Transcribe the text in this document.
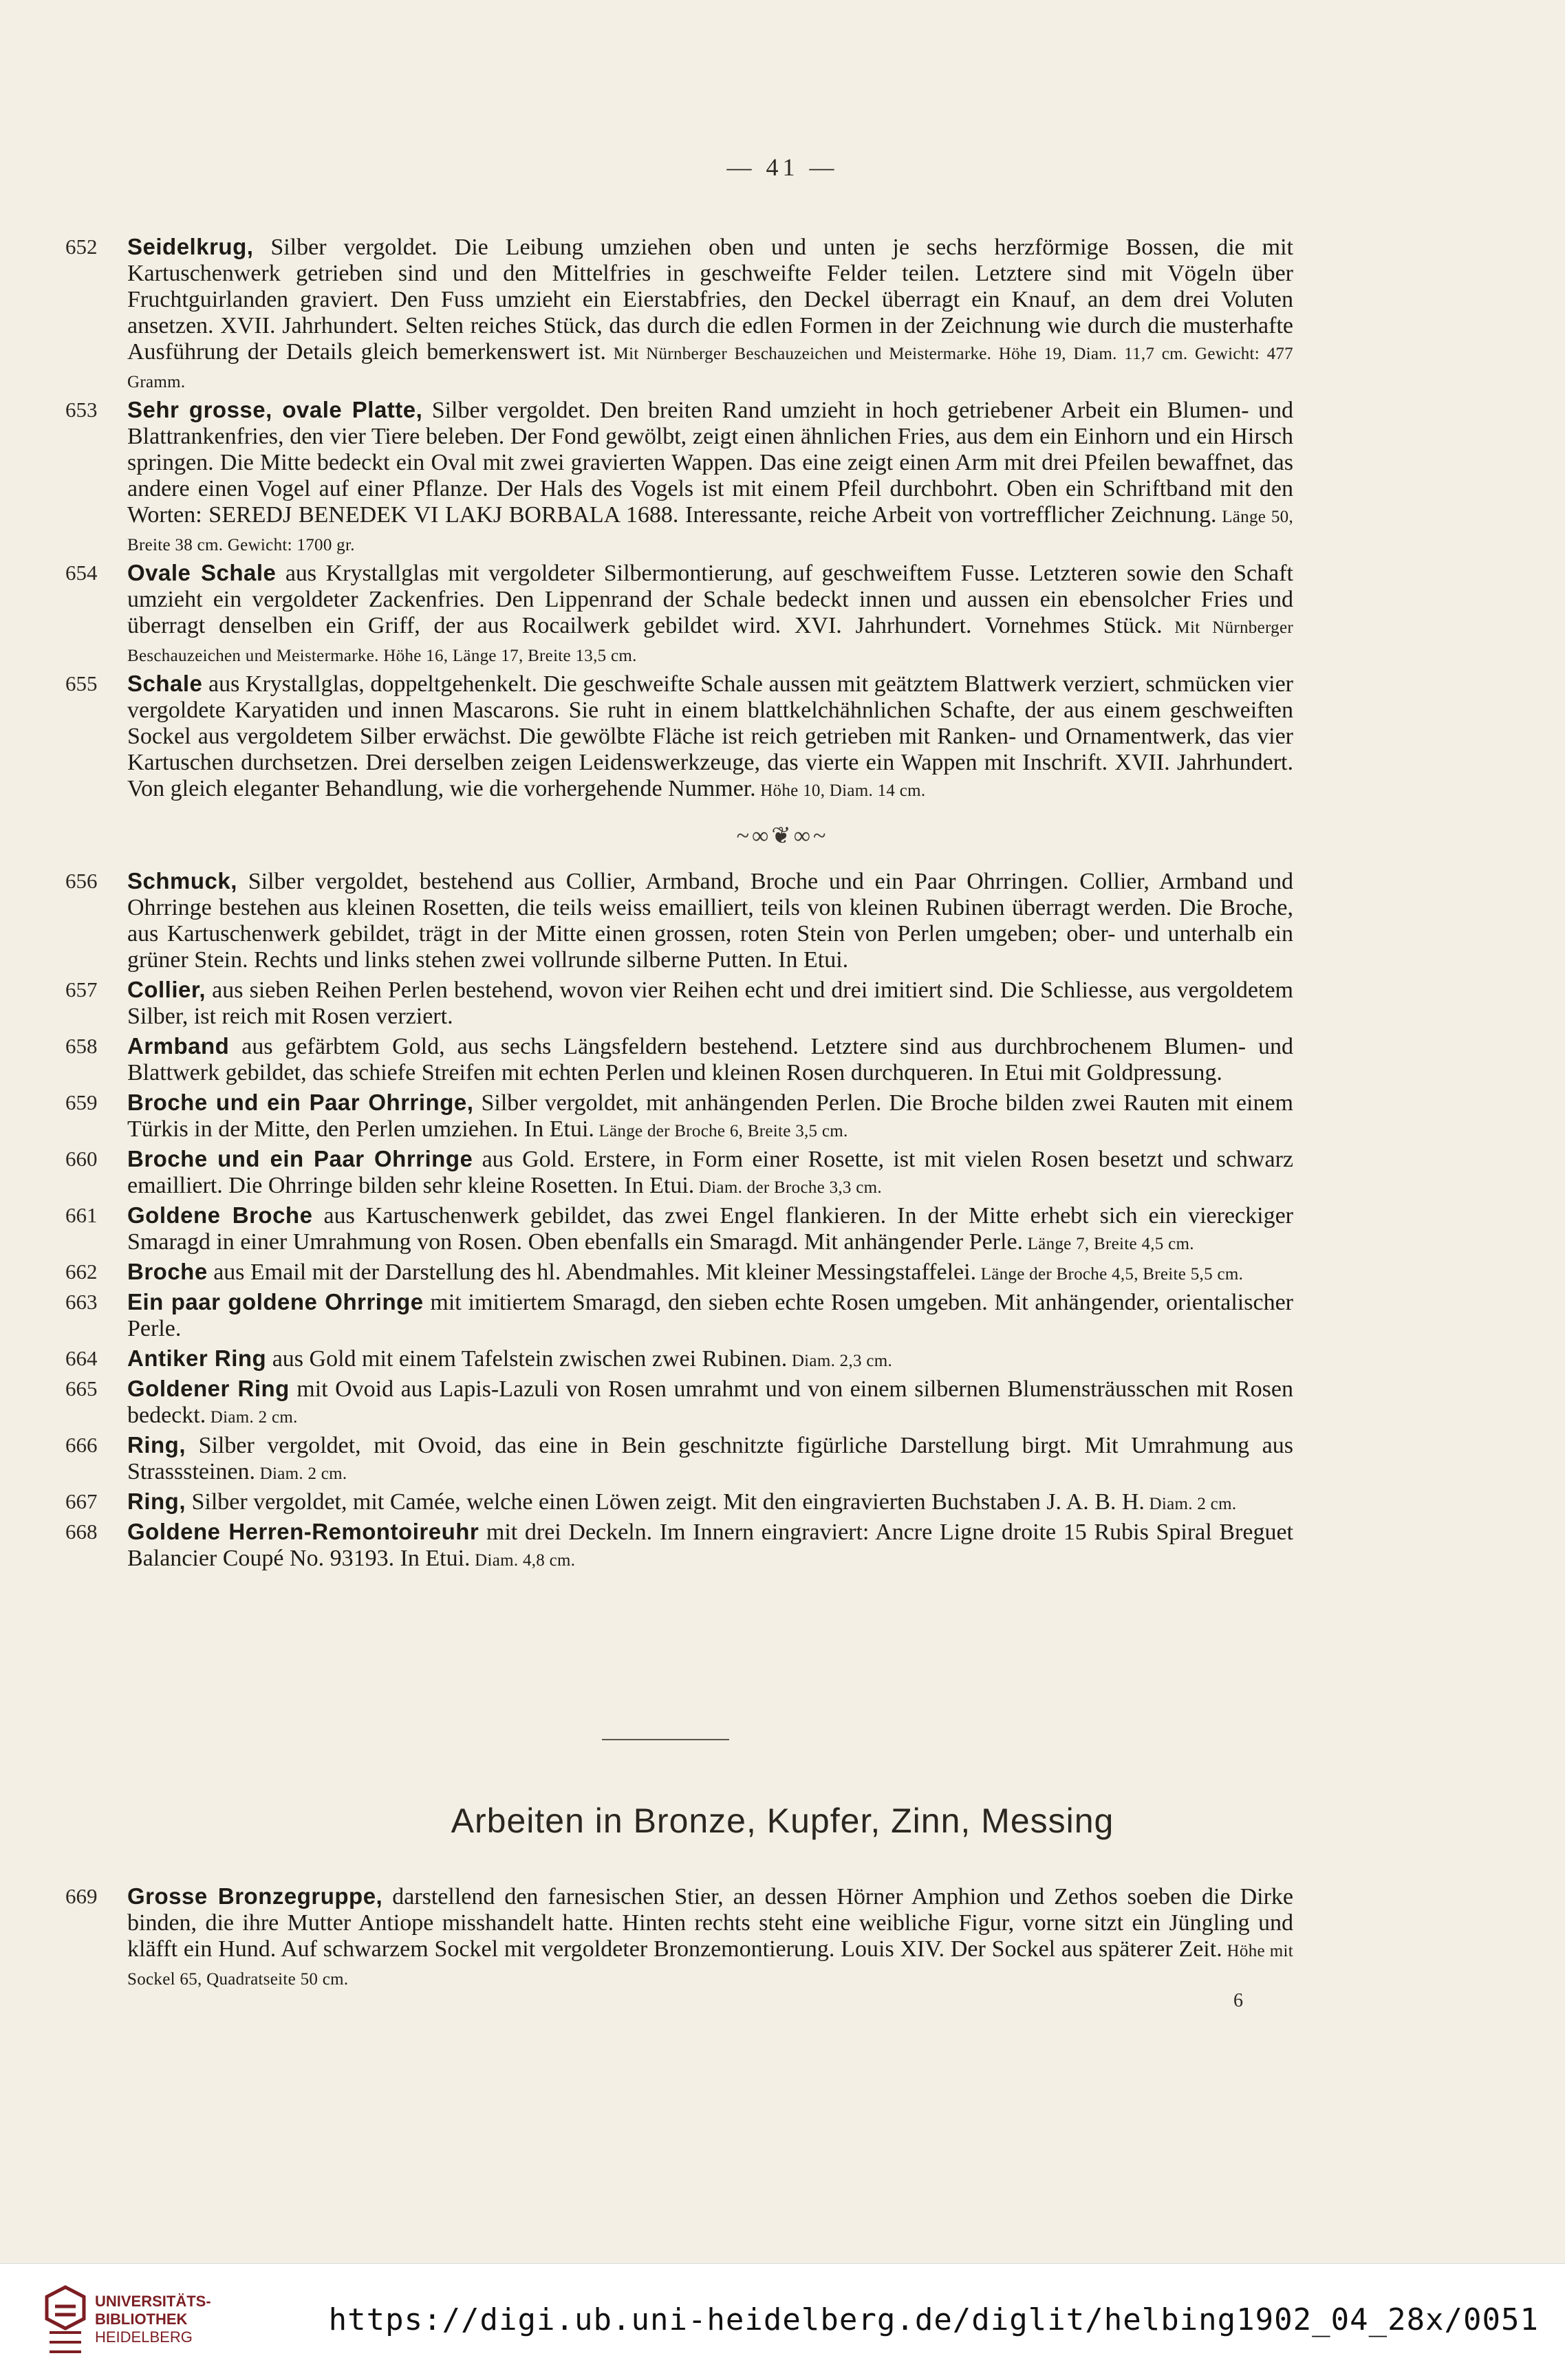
— 41 —
652	Seidelkrug, Silber vergoldet. Die Leibung umziehen oben und unten je sechs herzförmige Bossen, die mit Kartuschenwerk getrieben sind und den Mittelfries in geschweifte Felder teilen. Letztere sind mit Vögeln über Fruchtguirlanden graviert. Den Fuss umzieht ein Eierstabfries, den Deckel überragt ein Knauf, an dem drei Voluten ansetzen. XVII. Jahrhundert. Selten reiches Stück, das durch die edlen Formen in der Zeichnung wie durch die musterhafte Ausführung der Details gleich bemerkenswert ist. Mit Nürnberger Beschauzeichen und Meistermarke. Höhe 19, Diam. 11,7 cm. Gewicht: 477 Gramm.
653	Sehr grosse, ovale Platte, Silber vergoldet. Den breiten Rand umzieht in hoch getriebener Arbeit ein Blumen- und Blattrankenfries, den vier Tiere beleben. Der Fond gewölbt, zeigt einen ähnlichen Fries, aus dem ein Einhorn und ein Hirsch springen. Die Mitte bedeckt ein Oval mit zwei gravierten Wappen. Das eine zeigt einen Arm mit drei Pfeilen bewaffnet, das andere einen Vogel auf einer Pflanze. Der Hals des Vogels ist mit einem Pfeil durchbohrt. Oben ein Schriftband mit den Worten: SEREDJ BENEDEK VI LAKJ BORBALA 1688. Interessante, reiche Arbeit von vortrefflicher Zeichnung. Länge 50, Breite 38 cm. Gewicht: 1700 gr.
654	Ovale Schale aus Krystallglas mit vergoldeter Silbermontierung, auf geschweiftem Fusse. Letzteren sowie den Schaft umzieht ein vergoldeter Zackenfries. Den Lippenrand der Schale bedeckt innen und aussen ein ebensolcher Fries und überragt denselben ein Griff, der aus Rocailwerk gebildet wird. XVI. Jahrhundert. Vornehmes Stück. Mit Nürnberger Beschauzeichen und Meistermarke. Höhe 16, Länge 17, Breite 13,5 cm.
655	Schale aus Krystallglas, doppeltgehenkelt. Die geschweifte Schale aussen mit geätztem Blattwerk verziert, schmücken vier vergoldete Karyatiden und innen Mascarons. Sie ruht in einem blattkelchähnlichen Schafte, der aus einem geschweiften Sockel aus vergoldetem Silber erwächst. Die gewölbte Fläche ist reich getrieben mit Ranken- und Ornamentwerk, das vier Kartuschen durchsetzen. Drei derselben zeigen Leidenswerkzeuge, das vierte ein Wappen mit Inschrift. XVII. Jahrhundert. Von gleich eleganter Behandlung, wie die vorhergehende Nummer. Höhe 10, Diam. 14 cm.
~∞❦∞~
656	Schmuck, Silber vergoldet, bestehend aus Collier, Armband, Broche und ein Paar Ohrringen. Collier, Armband und Ohrringe bestehen aus kleinen Rosetten, die teils weiss emailliert, teils von kleinen Rubinen überragt werden. Die Broche, aus Kartuschenwerk gebildet, trägt in der Mitte einen grossen, roten Stein von Perlen umgeben; ober- und unterhalb ein grüner Stein. Rechts und links stehen zwei vollrunde silberne Putten. In Etui.
657	Collier, aus sieben Reihen Perlen bestehend, wovon vier Reihen echt und drei imitiert sind. Die Schliesse, aus vergoldetem Silber, ist reich mit Rosen verziert.
658	Armband aus gefärbtem Gold, aus sechs Längsfeldern bestehend. Letztere sind aus durchbrochenem Blumen- und Blattwerk gebildet, das schiefe Streifen mit echten Perlen und kleinen Rosen durchqueren. In Etui mit Goldpressung.
659	Broche und ein Paar Ohrringe, Silber vergoldet, mit anhängenden Perlen. Die Broche bilden zwei Rauten mit einem Türkis in der Mitte, den Perlen umziehen. In Etui. Länge der Broche 6, Breite 3,5 cm.
660	Broche und ein Paar Ohrringe aus Gold. Erstere, in Form einer Rosette, ist mit vielen Rosen besetzt und schwarz emailliert. Die Ohrringe bilden sehr kleine Rosetten. In Etui. Diam. der Broche 3,3 cm.
661	Goldene Broche aus Kartuschenwerk gebildet, das zwei Engel flankieren. In der Mitte erhebt sich ein viereckiger Smaragd in einer Umrahmung von Rosen. Oben ebenfalls ein Smaragd. Mit anhängender Perle. Länge 7, Breite 4,5 cm.
662	Broche aus Email mit der Darstellung des hl. Abendmahles. Mit kleiner Messingstaffelei. Länge der Broche 4,5, Breite 5,5 cm.
663	Ein paar goldene Ohrringe mit imitiertem Smaragd, den sieben echte Rosen umgeben. Mit anhängender, orientalischer Perle.
664	Antiker Ring aus Gold mit einem Tafelstein zwischen zwei Rubinen. Diam. 2,3 cm.
665	Goldener Ring mit Ovoid aus Lapis-Lazuli von Rosen umrahmt und von einem silbernen Blumensträusschen mit Rosen bedeckt. Diam. 2 cm.
666	Ring, Silber vergoldet, mit Ovoid, das eine in Bein geschnitzte figürliche Darstellung birgt. Mit Umrahmung aus Strasssteinen. Diam. 2 cm.
667	Ring, Silber vergoldet, mit Camée, welche einen Löwen zeigt. Mit den eingravierten Buchstaben J. A. B. H. Diam. 2 cm.
668	Goldene Herren-Remontoireuhr mit drei Deckeln. Im Innern eingraviert: Ancre Ligne droite 15 Rubis Spiral Breguet Balancier Coupé No. 93193. In Etui. Diam. 4,8 cm.
Arbeiten in Bronze, Kupfer, Zinn, Messing
669	Grosse Bronzegruppe, darstellend den farnesischen Stier, an dessen Hörner Amphion und Zethos soeben die Dirke binden, die ihre Mutter Antiope misshandelt hatte. Hinten rechts steht eine weibliche Figur, vorne sitzt ein Jüngling und kläfft ein Hund. Auf schwarzem Sockel mit vergoldeter Bronzemontierung. Louis XIV. Der Sockel aus späterer Zeit. Höhe mit Sockel 65, Quadratseite 50 cm.
6
UNIVERSITÄTS-
BIBLIOTHEK
HEIDELBERG	https://digi.ub.uni-heidelberg.de/diglit/helbing1902_04_28x/0051
